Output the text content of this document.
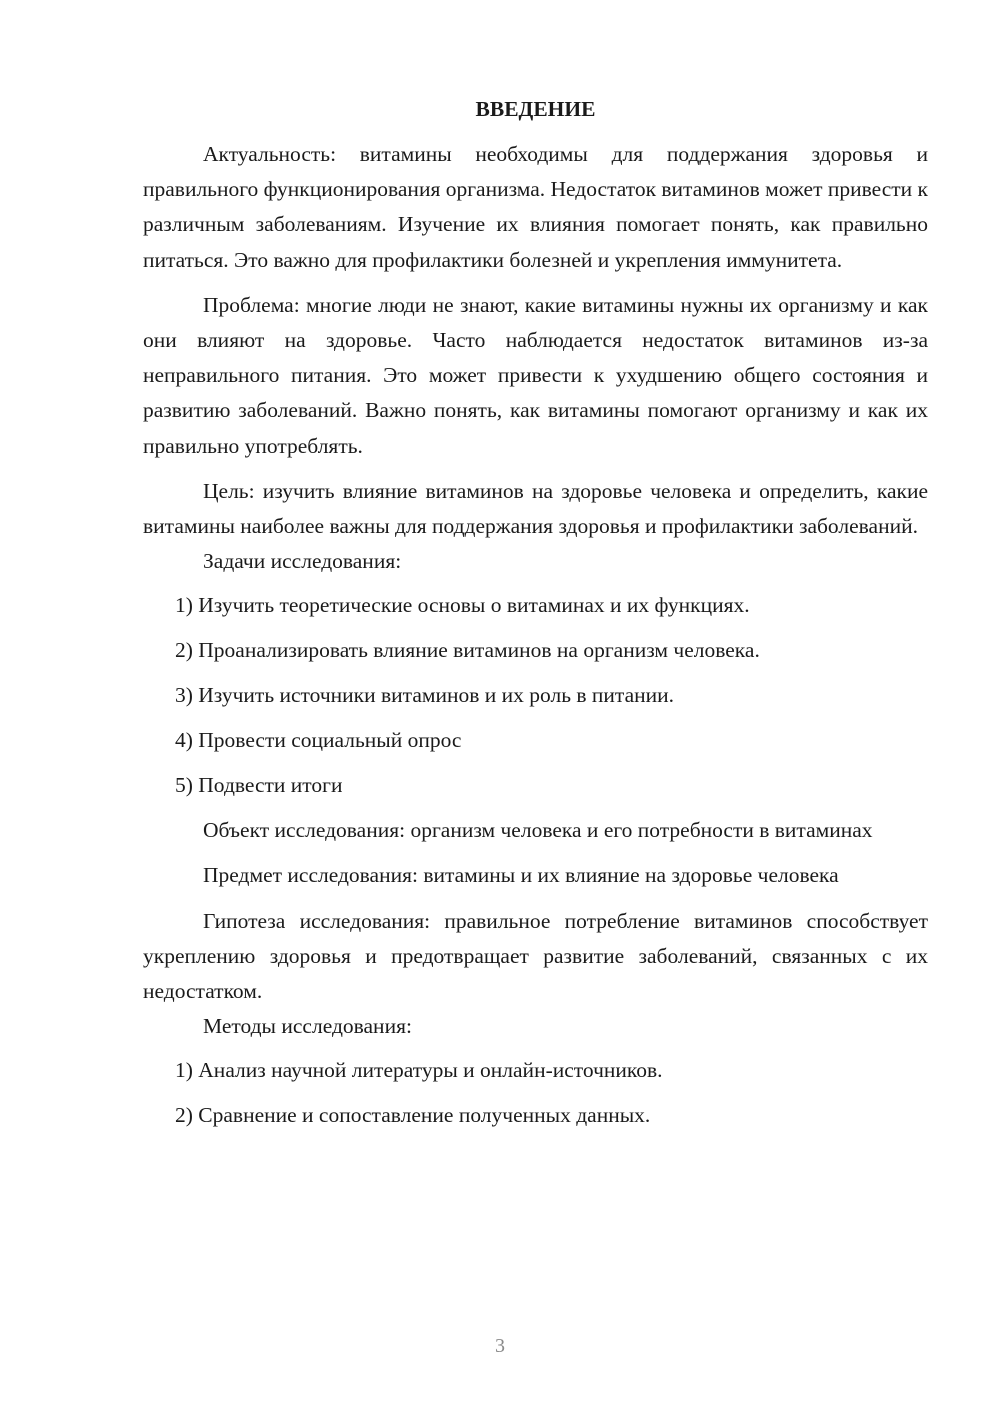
ВВЕДЕНИЕ

Актуальность: витамины необходимы для поддержания здоровья и правильного функционирования организма. Недостаток витаминов может привести к различным заболеваниям. Изучение их влияния помогает понять, как правильно питаться. Это важно для профилактики болезней и укрепления иммунитета.

Проблема: многие люди не знают, какие витамины нужны их организму и как они влияют на здоровье. Часто наблюдается недостаток витаминов из-за неправильного питания. Это может привести к ухудшению общего состояния и развитию заболеваний. Важно понять, как витамины помогают организму и как их правильно употреблять.

Цель: изучить влияние витаминов на здоровье человека и определить, какие витамины наиболее важны для поддержания здоровья и профилактики заболеваний.

Задачи исследования:

1) Изучить теоретические основы о витаминах и их функциях.

2) Проанализировать влияние витаминов на организм человека.

3) Изучить источники витаминов и их роль в питании.

4) Провести социальный опрос

5) Подвести итоги

Объект исследования: организм человека и его потребности в витаминах

Предмет исследования: витамины и их влияние на здоровье человека

Гипотеза исследования: правильное потребление витаминов способствует укреплению здоровья и предотвращает развитие заболеваний, связанных с их недостатком.

Методы исследования:

1) Анализ научной литературы и онлайн-источников.

2) Сравнение и сопоставление полученных данных.

3
